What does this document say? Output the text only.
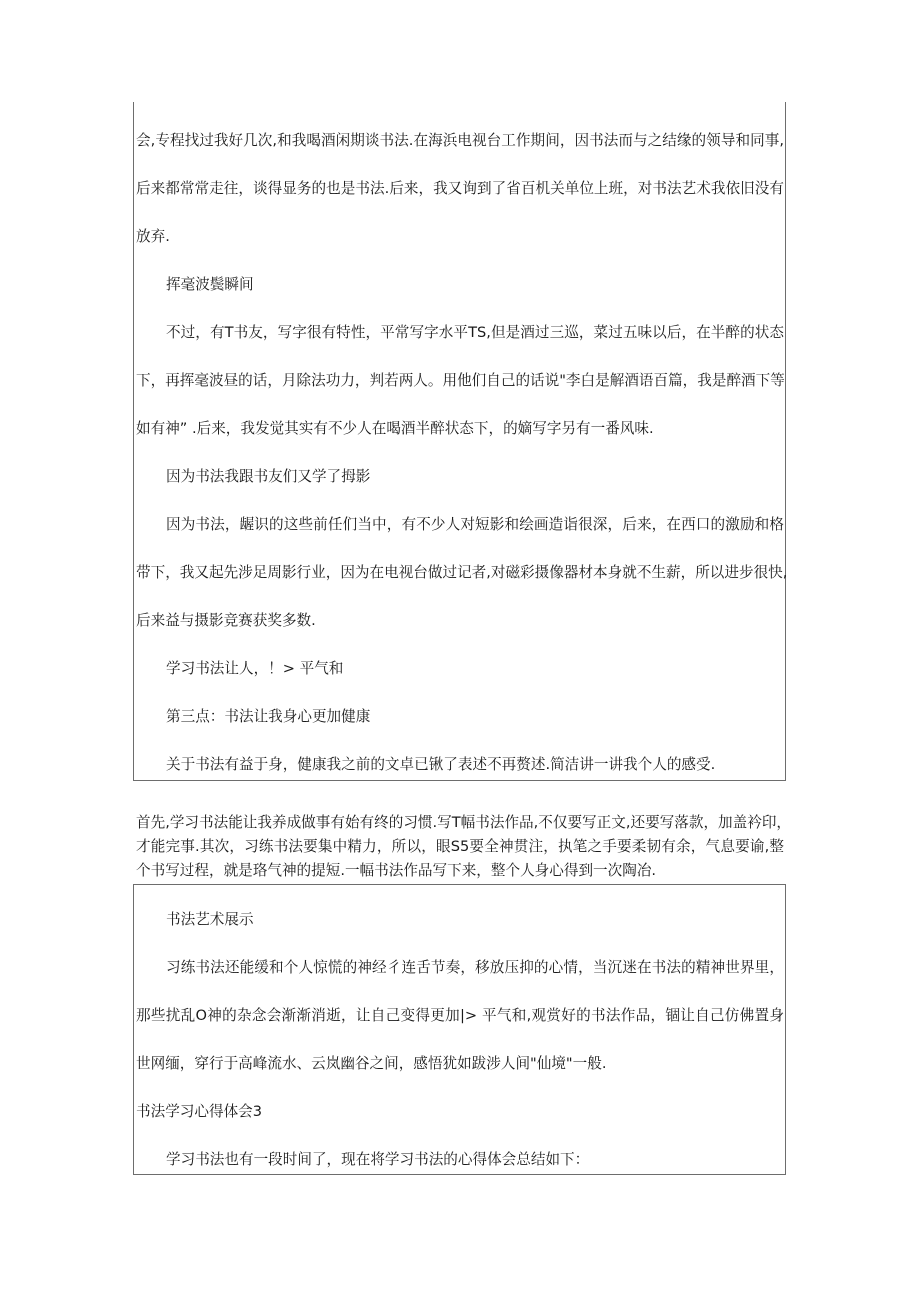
会,专程找过我好几次,和我喝酒闲期谈书法.在海浜电视台工作期间，因书法而与之结缘的领导和同事,
后来都常常走往，谈得显务的也是书法.后来，我又询到了省百机关单位上班，对书法艺术我依旧没有
放弃.
挥毫波鬓瞬间
不过，有T书友，写字很有特性，平常写字水平TS,但是酒过三巡，菜过五味以后，在半醉的状态
下，再挥毫波昼的话，月除法功力，判若两人。用他们自己的话说"李白是解酒语百篇，我是醉酒下等
如有神” .后来，我发觉其实有不少人在喝酒半醉状态下，的嫡写字另有一番风味.
因为书法我跟书友们又学了拇影
因为书法，龌识的这些前任们当中，有不少人对短影和绘画造诣很深，后来，在西口的激励和格
带下，我又起先涉足周影行业，因为在电视台做过记者,对磁彩摄像器材本身就不生薪，所以进步很快,
后来益与摄影竞赛获奖多数.
学习书法让人，！> 平气和
第三点：书法让我身心更加健康
关于书法有益于身，健康我之前的文卓已锹了表述不再赘述.简洁讲一讲我个人的感受.
首先,学习书法能让我养成做事有始有终的习惯.写T幅书法作品,不仅要写正文,还要写落款，加盖衿印，
才能完事.其次，习练书法要集中精力，所以，眼S5要全神贯注，执笔之手要柔韧有余，气息要谕,整
个书写过程，就是珞气神的提短.一幅书法作品写下来，整个人身心得到一次陶冶.
书法艺术展示
习练书法还能缓和个人惊慌的神经彳连舌节奏，移放压抑的心情，当沉迷在书法的精神世界里，
那些扰乱O神的杂念会渐渐消逝，让自己变得更加|> 平气和,观赏好的书法作品，锢让自己仿佛置身
世网缅，穿行于高峰流水、云岚幽谷之间，感悟犹如跋涉人间"仙境"一般.
书法学习心得体会3
学习书法也有一段时间了，现在将学习书法的心得体会总结如下：
